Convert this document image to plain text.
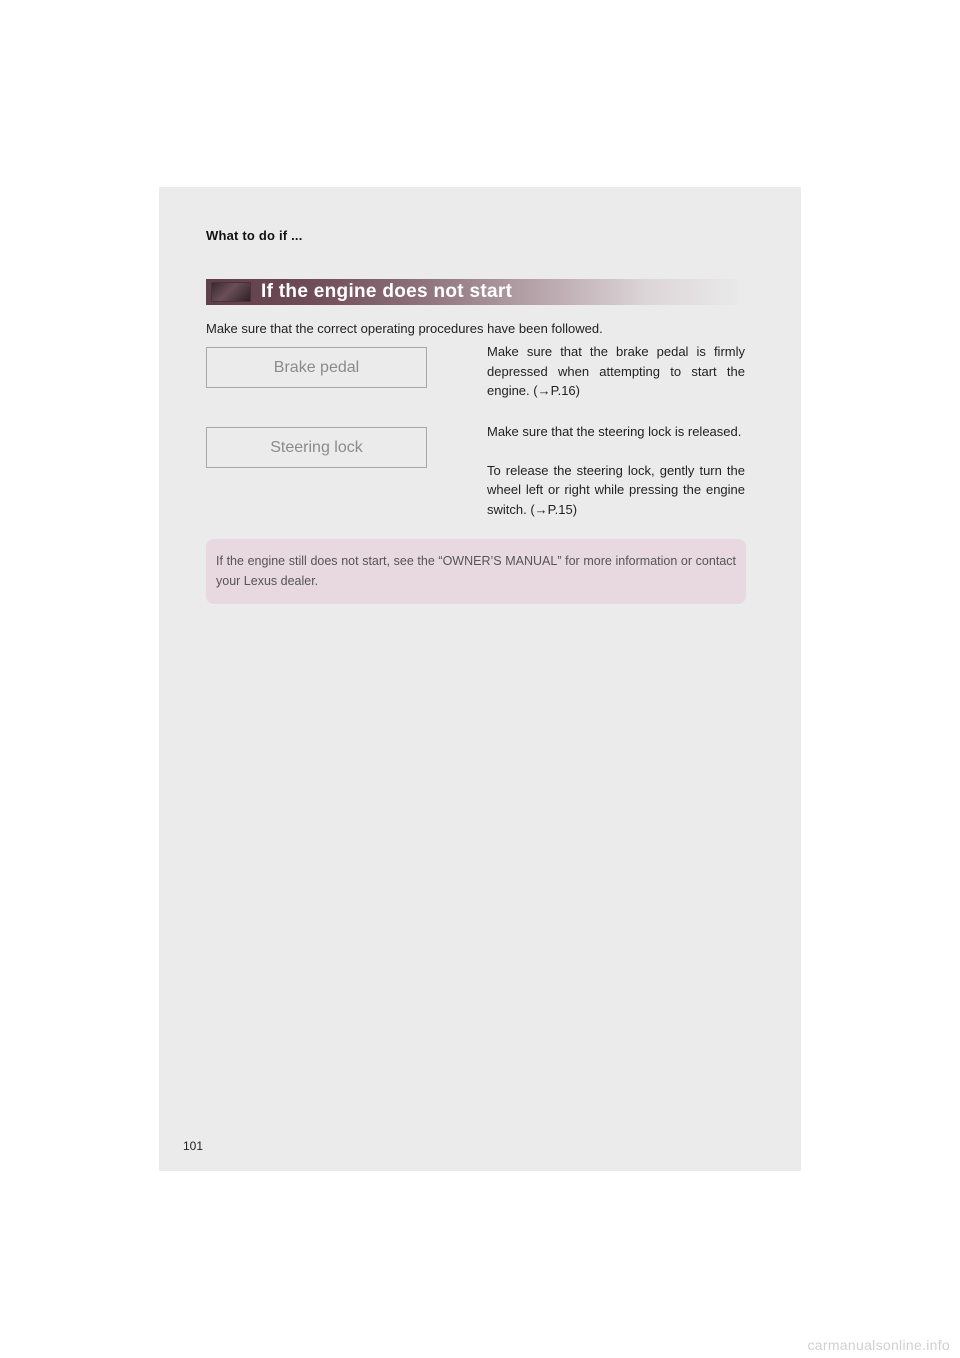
What to do if ...
If the engine does not start
Make sure that the correct operating procedures have been followed.
Brake pedal

Make sure that the brake pedal is firmly depressed when attempting to start the engine. (→P.16)

Steering lock

Make sure that the steering lock is released.

To release the steering lock, gently turn the wheel left or right while pressing the engine switch. (→P.15)

If the engine still does not start, see the “OWNER’S MANUAL” for more information or contact your Lexus dealer.
101
carmanualsonline.info
